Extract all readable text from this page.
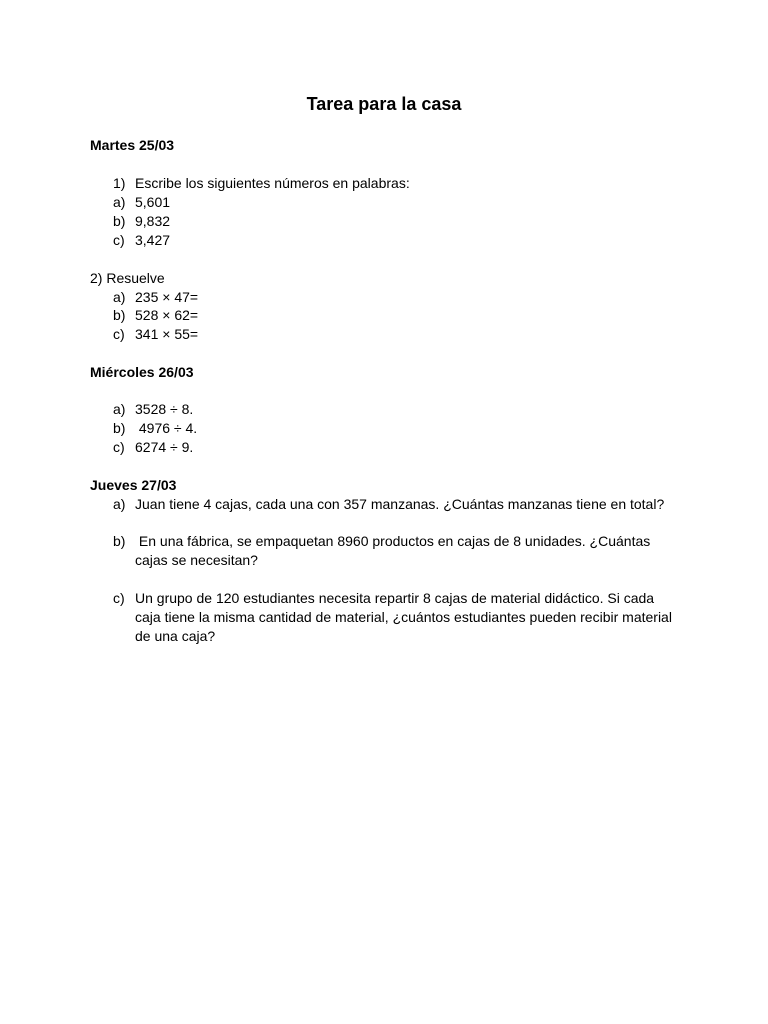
Tarea para la casa
Martes 25/03
1) Escribe los siguientes números en palabras:
a) 5,601
b) 9,832
c) 3,427
2) Resuelve
a) 235 × 47=
b) 528 × 62=
c) 341 × 55=
Miércoles 26/03
a) 3528 ÷ 8.
b) 4976 ÷ 4.
c) 6274 ÷ 9.
Jueves 27/03
a) Juan tiene 4 cajas, cada una con 357 manzanas. ¿Cuántas manzanas tiene en total?
b) En una fábrica, se empaquetan 8960 productos en cajas de 8 unidades. ¿Cuántas cajas se necesitan?
c) Un grupo de 120 estudiantes necesita repartir 8 cajas de material didáctico. Si cada caja tiene la misma cantidad de material, ¿cuántos estudiantes pueden recibir material de una caja?
